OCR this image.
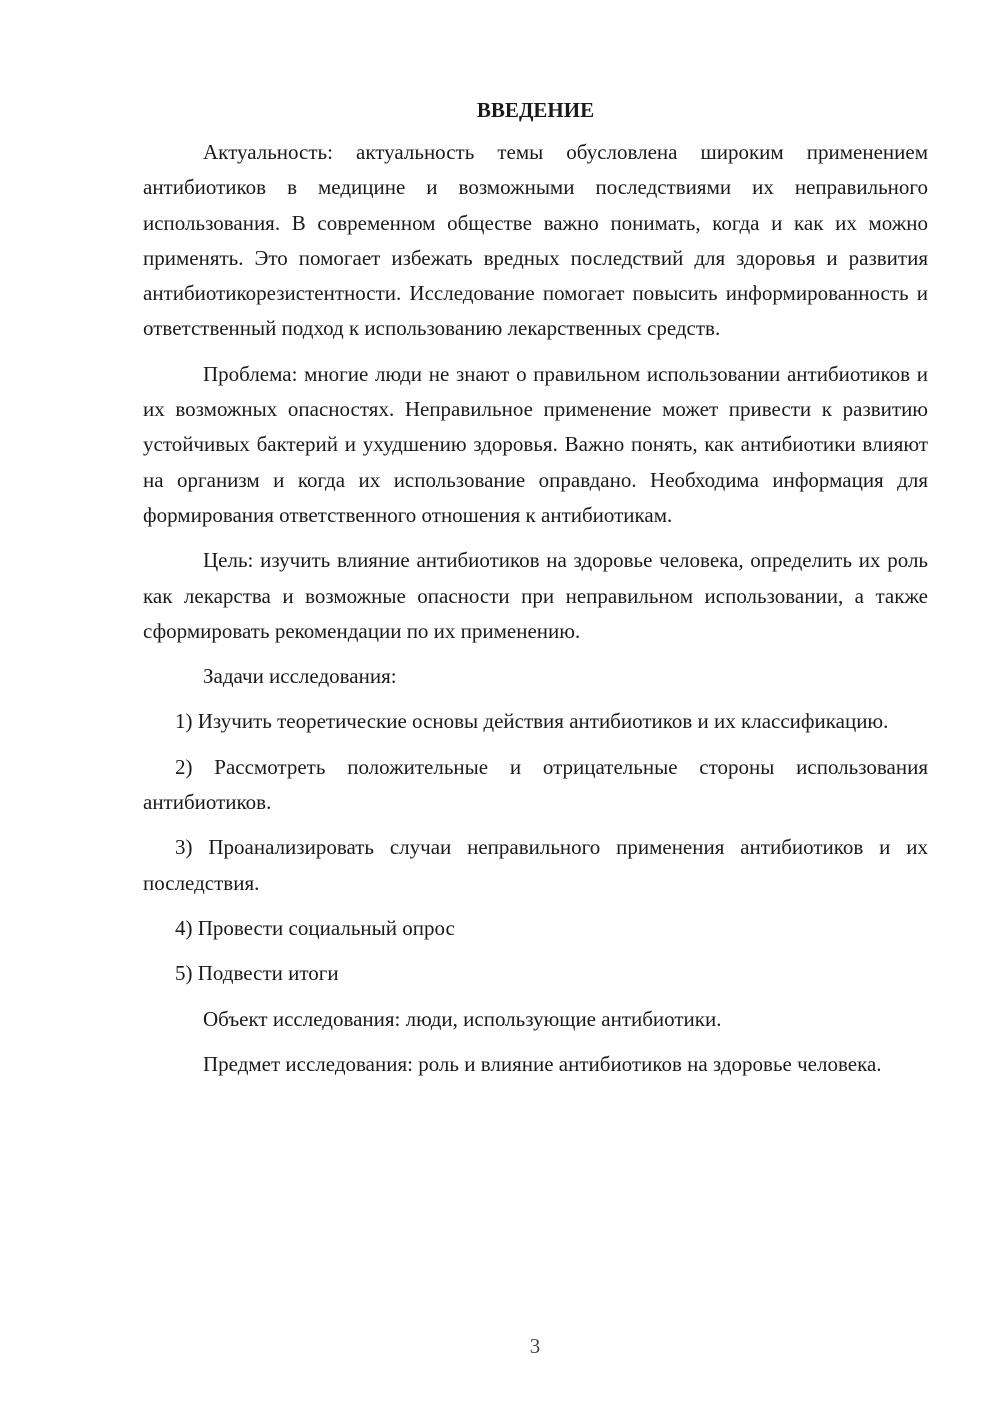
ВВЕДЕНИЕ

Актуальность: актуальность темы обусловлена широким применением антибиотиков в медицине и возможными последствиями их неправильного использования. В современном обществе важно понимать, когда и как их можно применять. Это помогает избежать вредных последствий для здоровья и развития антибиотикорезистентности. Исследование помогает повысить информированность и ответственный подход к использованию лекарственных средств.

Проблема: многие люди не знают о правильном использовании антибиотиков и их возможных опасностях. Неправильное применение может привести к развитию устойчивых бактерий и ухудшению здоровья. Важно понять, как антибиотики влияют на организм и когда их использование оправдано. Необходима информация для формирования ответственного отношения к антибиотикам.

Цель: изучить влияние антибиотиков на здоровье человека, определить их роль как лекарства и возможные опасности при неправильном использовании, а также сформировать рекомендации по их применению.

Задачи исследования:

1) Изучить теоретические основы действия антибиотиков и их классификацию.

2) Рассмотреть положительные и отрицательные стороны использования антибиотиков.

3) Проанализировать случаи неправильного применения антибиотиков и их последствия.

4) Провести социальный опрос

5) Подвести итоги

Объект исследования: люди, использующие антибиотики.

Предмет исследования: роль и влияние антибиотиков на здоровье человека.

3
